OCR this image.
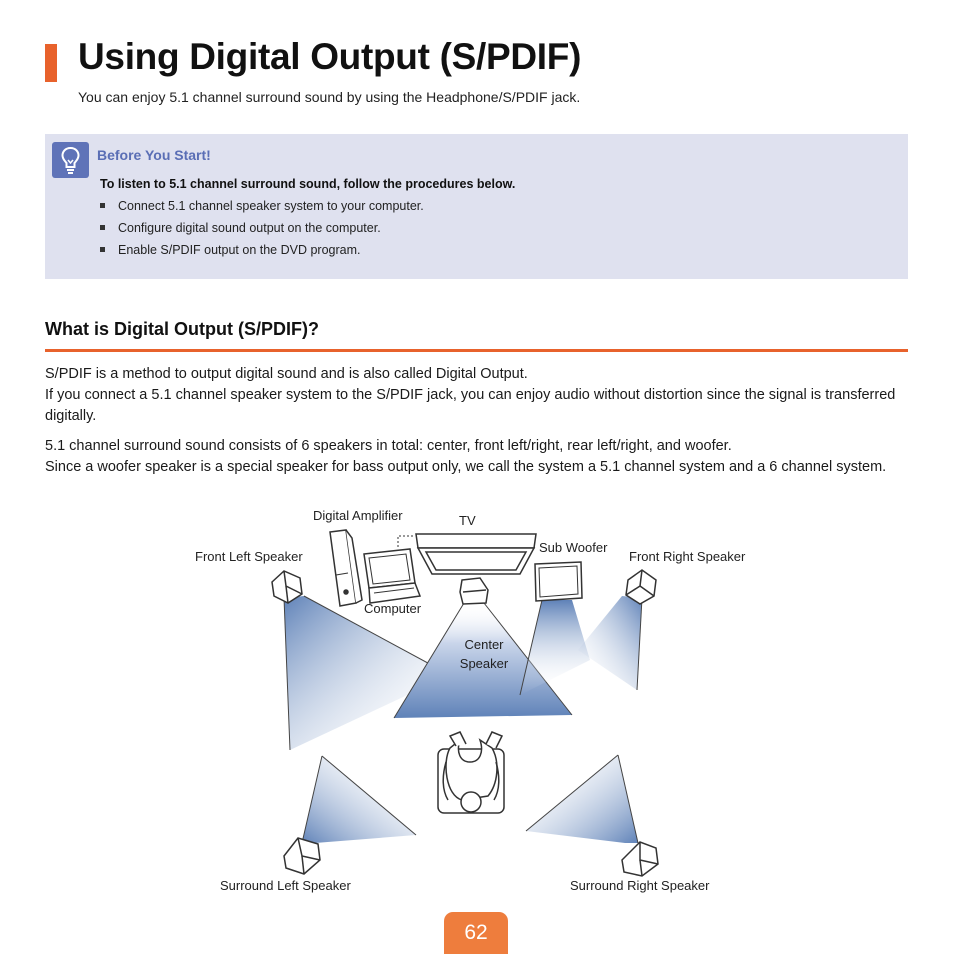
Using Digital Output (S/PDIF)
You can enjoy 5.1 channel surround sound by using the Headphone/S/PDIF jack.
Before You Start!
To listen to 5.1 channel surround sound, follow the procedures below.
Connect 5.1 channel speaker system to your computer.
Configure digital sound output on the computer.
Enable S/PDIF output on the DVD program.
What is Digital Output (S/PDIF)?

S/PDIF is a method to output digital sound and is also called Digital Output.
If you connect a 5.1 channel speaker system to the S/PDIF jack, you can enjoy audio without distortion since the signal is transferred digitally.

5.1 channel surround sound consists of 6 speakers in total: center, front left/right, rear left/right, and woofer.
Since a woofer speaker is a special speaker for bass output only, we call the system a 5.1 channel system and a 6 channel system.

Digital Amplifier	TV
Sub Woofer
Front Left Speaker	Front Right Speaker
Computer
Center Speaker
Surround Left Speaker	Surround Right Speaker
62
